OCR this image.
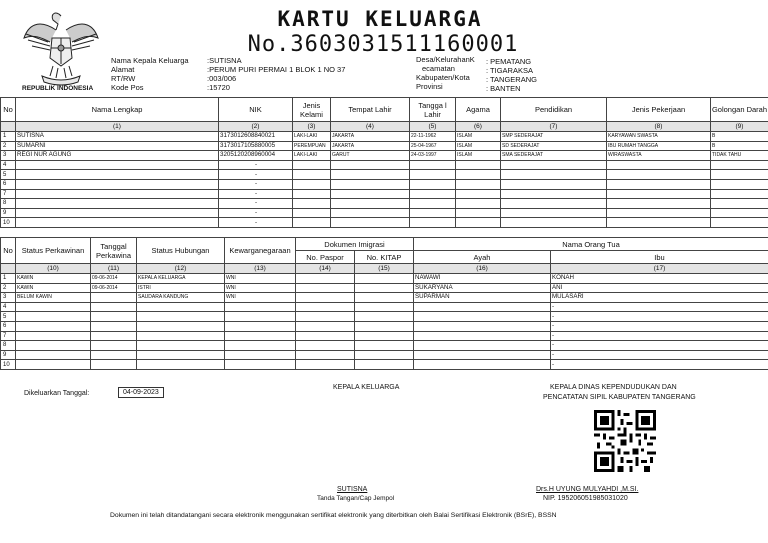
REPUBLIK INDONESIA
KARTU KELUARGA
No.3603031511160001
Nama Kepala Keluarga
Alamat
RT/RW
Kode Pos
:SUTISNA
:PERUM PURI PERMAI 1 BLOK 1 NO 37
:003/006
:15720
Desa/KelurahanK
ecamatan
Kabupaten/Kota
Provinsi
: PEMATANG
: TIGARAKSA
: TANGERANG
: BANTEN
No	Nama Lengkap	NIK	Jenis Kelami	Tempat Lahir	Tangga l Lahir	Agama	Pendidikan	Jenis Pekerjaan	Golongan Darah
	(1)	(2)	(3)	(4)	(5)	(6)	(7)	(8)	(9)
1	SUTISNA	3173012608840021	LAKI-LAKI	JAKARTA	22-11-1962	ISLAM	SMP SEDERAJAT	KARYAWAN SWASTA	B
2	SUMARNI	3173017105880005	PEREMPUAN	JAKARTA	25-04-1967	ISLAM	SD SEDERAJAT	IBU RUMAH TANGGA	B
3	REGI NUR AGUNG	3205120208960004	LAKI-LAKI	GARUT	24-03-1997	ISLAM	SMA SEDERAJAT	WIRASWASTA	TIDAK TAHU
4		-							
5		-							
6		-							
7		-							
8		-							
9		-							
10		-							
No	Status Perkawinan	Tanggal Perkawina	Status Hubungan	Kewarganegaraan	Dokumen Imigrasi		Nama Orang Tua	
					No. Paspor	No. KITAP	Ayah	Ibu
	(10)	(11)	(12)	(13)	(14)	(15)	(16)	(17)
1	KAWIN	09-06-2014	KEPALA KELUARGA	WNI			NAWAWI	KONAH
2	KAWIN	09-06-2014	ISTRI	WNI			SUKARYANA	ANI
3	BELUM KAWIN		SAUDARA KANDUNG	WNI			SUPARMAN	MULASARI
4								-
5								-
6								-
7								-
8								-
9								-
10								-
Dikeluarkan Tanggal:	04-09-2023
KEPALA KELUARGA
SUTISNA
Tanda Tangan/Cap Jempol
KEPALA DINAS KEPENDUDUKAN DAN
PENCATATAN SIPIL KABUPATEN TANGERANG
Drs.H UYUNG MULYAHDI ,M.SI.
NIP. 195206051985031020
Dokumen ini telah ditandatangani secara elektronik menggunakan sertifikat elektronik yang diterbitkan oleh Balai Sertifikasi Elektronik (BSrE), BSSN
